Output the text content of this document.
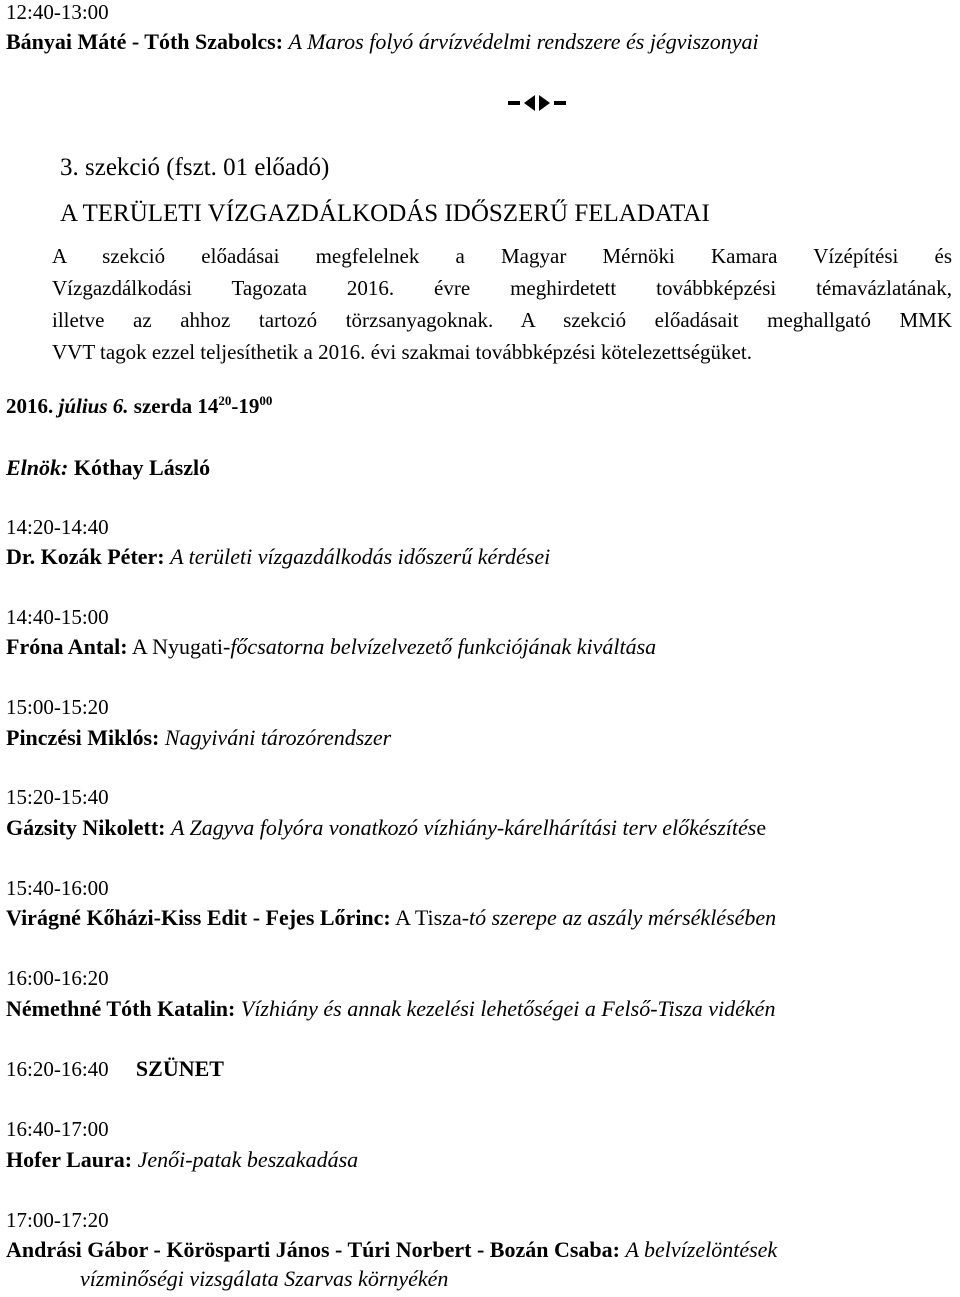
12:40-13:00
Bányai Máté - Tóth Szabolcs: A Maros folyó árvízvédelmi rendszere és jégviszonyai
3. szekció (fszt. 01 előadó)
A TERÜLETI VÍZGAZDÁLKODÁS IDŐSZERŰ FELADATAI
A szekció előadásai megfelelnek a Magyar Mérnöki Kamara Vízépítési és
Vízgazdálkodási Tagozata 2016. évre meghirdetett továbbképzési témavázlatának,
illetve az ahhoz tartozó törzsanyagoknak. A szekció előadásait meghallgató MMK
VVT tagok ezzel teljesíthetik a 2016. évi szakmai továbbképzési kötelezettségüket.
2016. július 6. szerda $14^{20}-19^{00}$
Elnök: Kóthay László
14:20-14:40
Dr. Kozák Péter: A területi vízgazdálkodás időszerű kérdései
14:40-15:00
Fróna Antal: A Nyugati-főcsatorna belvízelvezető funkciójának kiváltása
15:00-15:20
Pinczési Miklós: Nagyiváni tározórendszer
15:20-15:40
Gázsity Nikolett: A Zagyva folyóra vonatkozó vízhiány-kárelhárítási terv előkészítése
15:40-16:00
Virágné Kőházi-Kiss Edit - Fejes Lőrinc: A Tisza-tó szerepe az aszály mérséklésében
16:00-16:20
Némethné Tóth Katalin: Vízhiány és annak kezelési lehetőségei a Felső-Tisza vidékén
16:20-16:40 SZÜNET
16:40-17:00
Hofer Laura: Jenői-patak beszakadása
17:00-17:20
Andrási Gábor - Körösparti János - Túri Norbert - Bozán Csaba: A belvízelöntések
vízminőségi vizsgálata Szarvas környékén
